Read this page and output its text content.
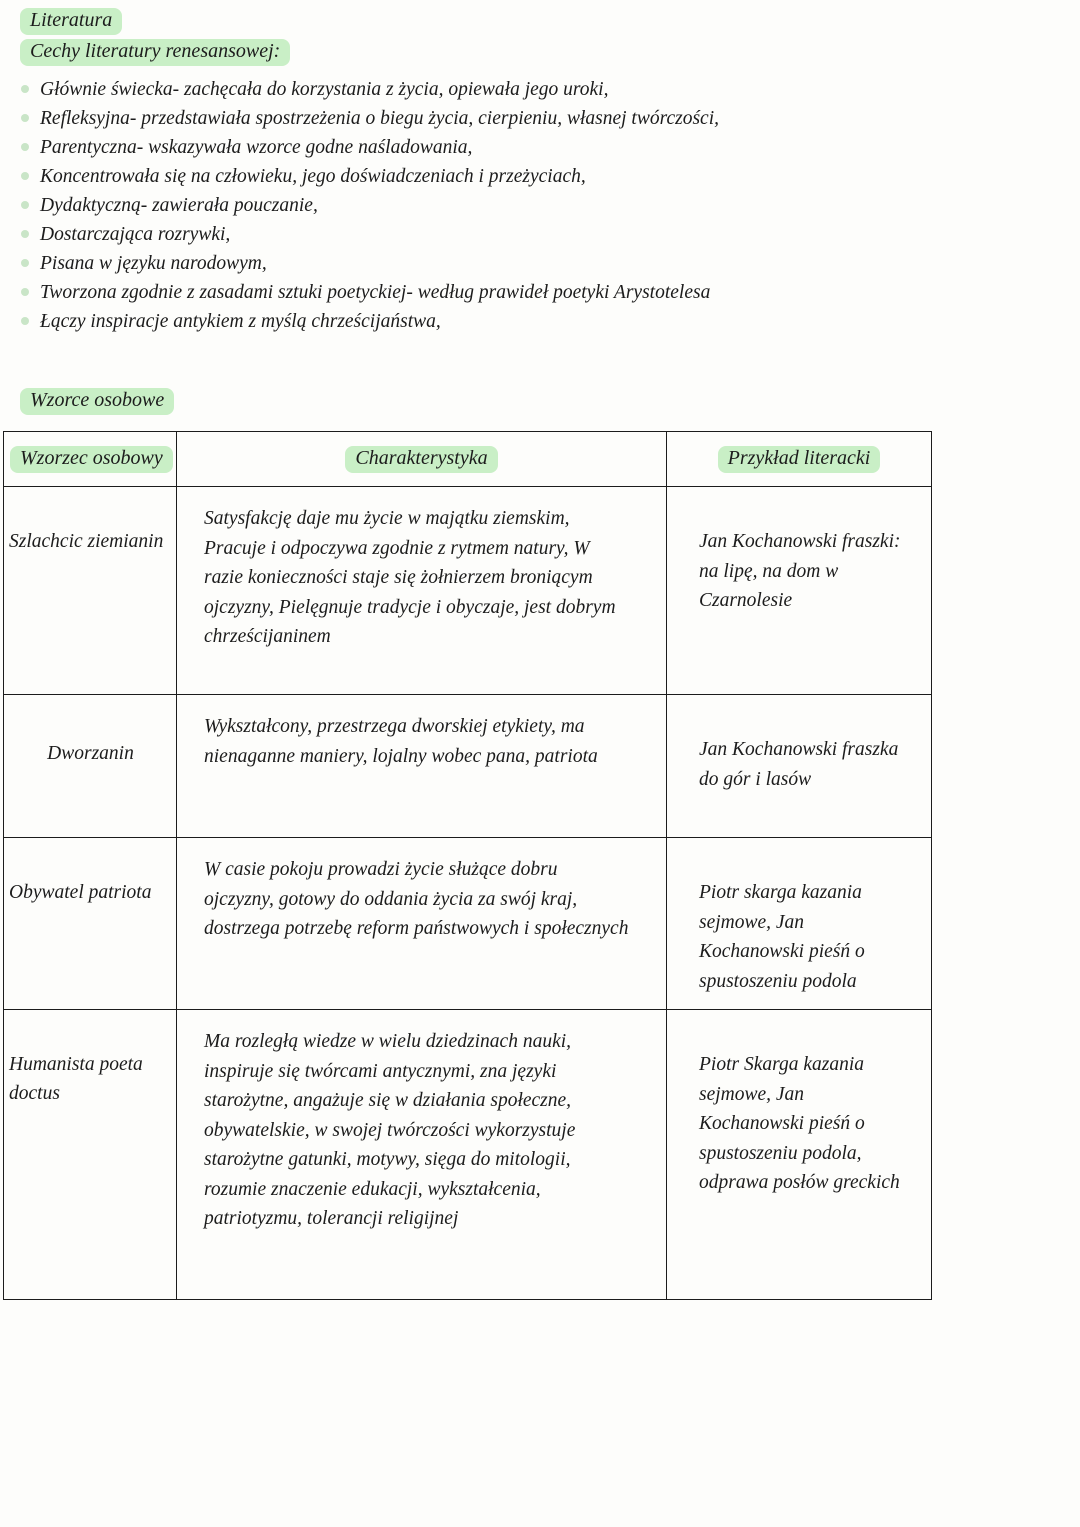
Literatura
Cechy literatury renesansowej:
Głównie świecka- zachęcała do korzystania z życia, opiewała jego uroki,
Refleksyjna- przedstawiała spostrzeżenia o biegu życia, cierpieniu, własnej twórczości,
Parentyczna- wskazywała wzorce godne naśladowania,
Koncentrowała się na człowieku, jego doświadczeniach i przeżyciach,
Dydaktyczną- zawierała pouczanie,
Dostarczająca rozrywki,
Pisana w języku narodowym,
Tworzona zgodnie z zasadami sztuki poetyckiej- według prawideł poetyki Arystotelesa
Łączy inspiracje antykiem z myślą chrześcijaństwa,
Wzorce osobowe
Wzorzec osobowy	Charakterystyka	Przykład literacki
Szlachcic ziemianin	Satysfakcję daje mu życie w majątku ziemskim, Pracuje i odpoczywa zgodnie z rytmem natury, W razie konieczności staje się żołnierzem broniącym ojczyzny, Pielęgnuje tradycje i obyczaje, jest dobrym chrześcijaninem	Jan Kochanowski fraszki: na lipę, na dom w Czarnolesie
Dworzanin	Wykształcony, przestrzega dworskiej etykiety, ma nienaganne maniery, lojalny wobec pana, patriota	Jan Kochanowski fraszka do gór i lasów
Obywatel patriota	W casie pokoju prowadzi życie służące dobru ojczyzny, gotowy do oddania życia za swój kraj, dostrzega potrzebę reform państwowych i społecznych	Piotr skarga kazania sejmowe, Jan Kochanowski pieśń o spustoszeniu podola
Humanista poeta doctus	Ma rozległą wiedze w wielu dziedzinach nauki, inspiruje się twórcami antycznymi, zna języki starożytne, angażuje się w działania społeczne, obywatelskie, w swojej twórczości wykorzystuje starożytne gatunki, motywy, sięga do mitologii, rozumie znaczenie edukacji, wykształcenia, patriotyzmu, tolerancji religijnej	Piotr Skarga kazania sejmowe, Jan Kochanowski pieśń o spustoszeniu podola, odprawa posłów greckich
